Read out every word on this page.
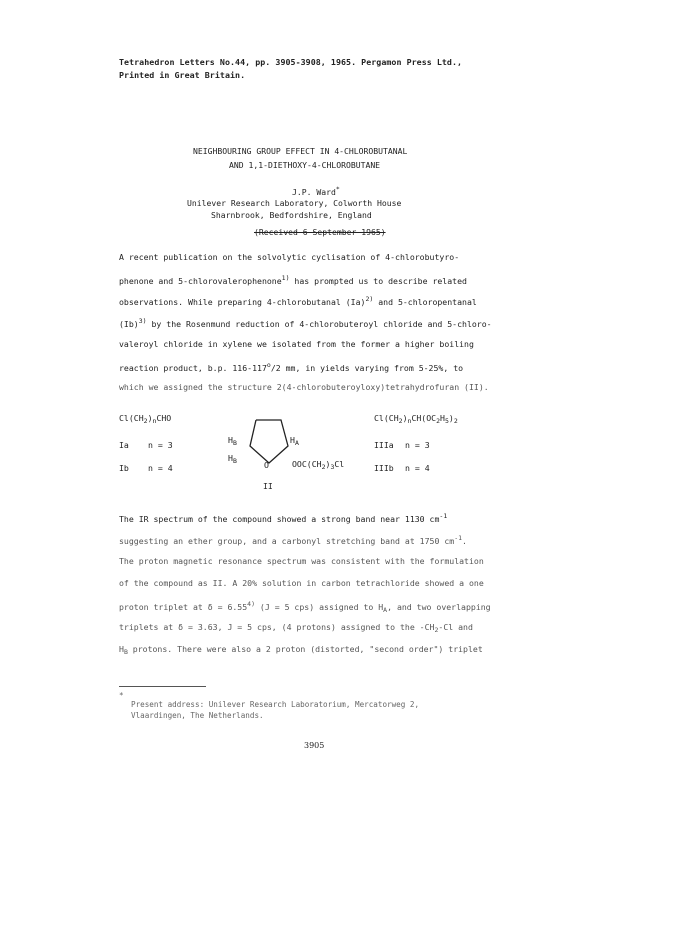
Tetrahedron Letters No.44, pp. 3905-3908, 1965. Pergamon Press Ltd.,
Printed in Great Britain.
NEIGHBOURING GROUP EFFECT IN 4-CHLOROBUTANAL
AND 1,1-DIETHOXY-4-CHLOROBUTANE
J.P. Ward*
Unilever Research Laboratory, Colworth House
Sharnbrook, Bedfordshire, England
(Received 6 September 1965)
A recent publication on the solvolytic cyclisation of 4-chlorobutyro-
phenone and 5-chlorovalerophenone$^{1)}$ has prompted us to describe related
observations. While preparing 4-chlorobutanal $(Ia)^{2)}$ and 5-chloropentanal
$(Ib)^{3)}$ by the Rosenmund reduction of 4-chlorobuteroyl chloride and 5-chloro-
valeroyl chloride in xylene we isolated from the former a higher boiling
reaction product, b.p. 116-117$^o$/2 mm, in yields varying from 5-25%, to
which we assigned the structure 2(4-chlorobuteroyloxy)tetrahydrofuran (II).
$Cl(CH_2)_nCHO$
Ia n = 3
Ib n = 4
$Cl(CH_2)_nCH(OC_2H_5)_2$
IIIa n = 3
IIIb n = 4
$H_B$
$H_B$
$H_A$
O	$OOC(CH_2)_3Cl$
II
The IR spectrum of the compound showed a strong band near 1130 $cm^{-1}$
suggesting an ether group, and a carbonyl stretching band at 1750 $cm^{-1}$.
The proton magnetic resonance spectrum was consistent with the formulation
of the compound as II. A 20% solution in carbon tetrachloride showed a one
proton triplet at $\delta = 6.55^{4)}$ (J = 5 cps) assigned to $H_A$, and two overlapping
triplets at δ = 3.63, J = 5 cps, (4 protons) assigned to the $-CH_2-Cl$ and
$H_B$ protons. There were also a 2 proton (distorted, "second order") triplet
*
Present address: Unilever Research Laboratorium, Mercatorweg 2,
Vlaardingen, The Netherlands.
3905
